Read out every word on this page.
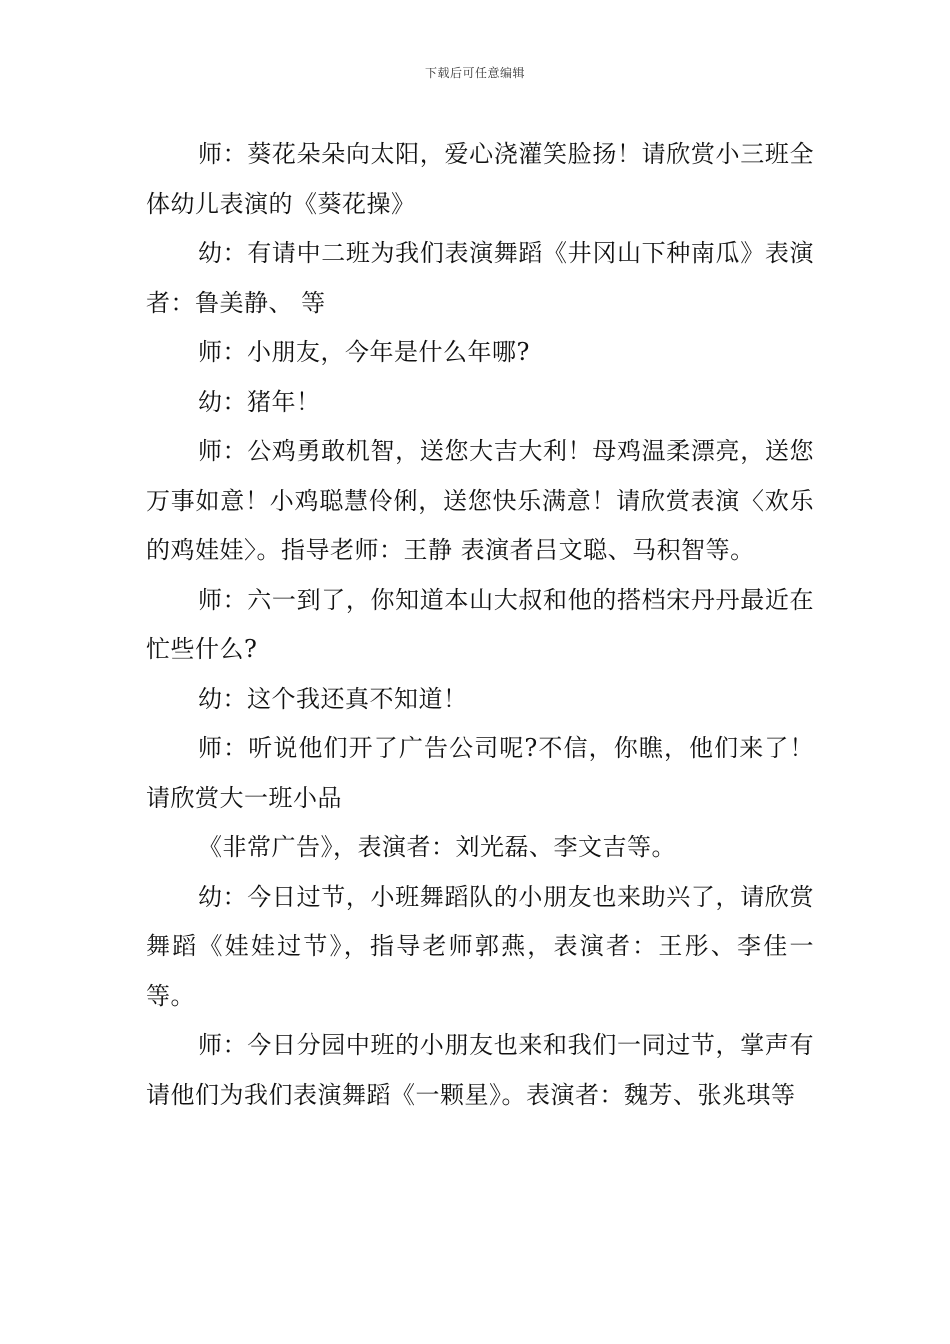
下载后可任意编辑

师：葵花朵朵向太阳，爱心浇灌笑脸扬！请欣赏小三班全体幼儿表演的《葵花操》

幼：有请中二班为我们表演舞蹈《井冈山下种南瓜》表演者：鲁美静、 等

师：小朋友，今年是什么年哪?

幼：猪年！

师：公鸡勇敢机智，送您大吉大利！母鸡温柔漂亮，送您万事如意！小鸡聪慧伶俐，送您快乐满意！请欣赏表演〈欢乐的鸡娃娃〉。指导老师：王静 表演者吕文聪、马积智等。

师：六一到了，你知道本山大叔和他的搭档宋丹丹最近在忙些什么?

幼：这个我还真不知道！

师：听说他们开了广告公司呢?不信，你瞧，他们来了！请欣赏大一班小品

《非常广告》，表演者：刘光磊、李文吉等。

幼：今日过节，小班舞蹈队的小朋友也来助兴了，请欣赏舞蹈《娃娃过节》，指导老师郭燕，表演者：王彤、李佳一等。

师：今日分园中班的小朋友也来和我们一同过节，掌声有请他们为我们表演舞蹈《一颗星》。表演者：魏芳、张兆琪等
